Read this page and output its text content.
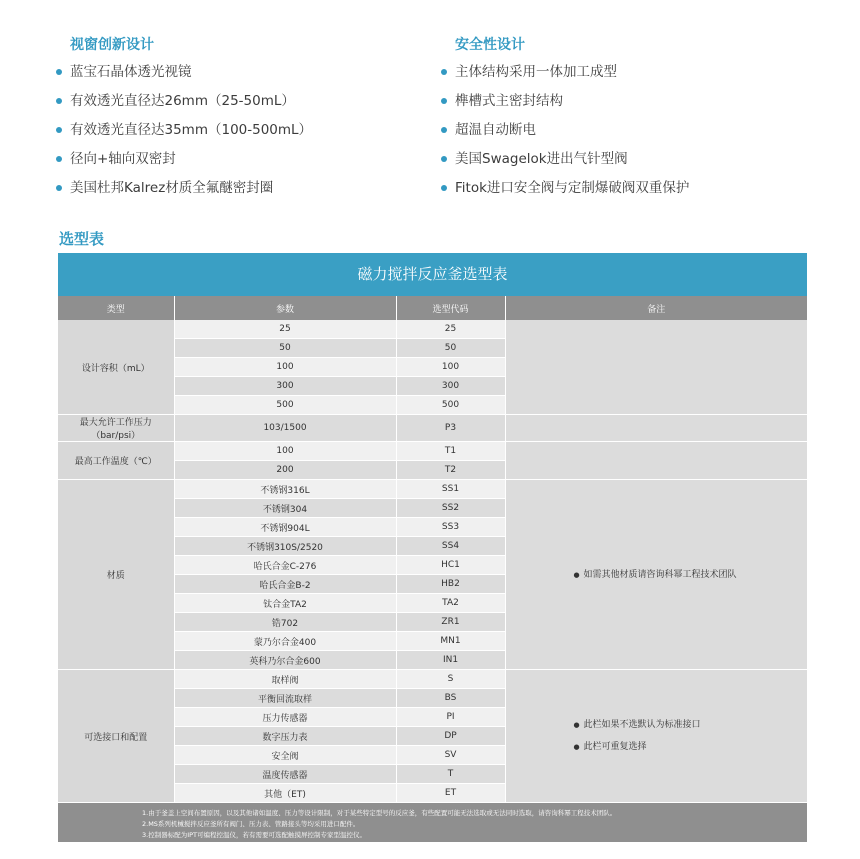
视窗创新设计
蓝宝石晶体透光视镜
有效透光直径达26mm（25-50mL）
有效透光直径达35mm（100-500mL）
径向+轴向双密封
美国杜邦Kalrez材质全氟醚密封圈
安全性设计
主体结构采用一体加工成型
榫槽式主密封结构
超温自动断电
美国Swagelok进出气针型阀
Fitok进口安全阀与定制爆破阀双重保护
选型表
磁力搅拌反应釜选型表
类型	参数	选型代码	备注
设计容积（mL）	25	25	
	50	50	
	100	100	
	300	300	
	500	500	
最大允许工作压力（bar/psi）	103/1500	P3	
最高工作温度（℃）	100	T1	
	200	T2	
材质	不锈钢316L	SS1	● 如需其他材质请咨询科幂工程技术团队

	不锈钢304	SS2	
	不锈钢904L	SS3	
	不锈钢310S/2520	SS4	
	哈氏合金C-276	HC1	
	哈氏合金B-2	HB2	
	钛合金TA2	TA2	
	锆702	ZR1	
	蒙乃尔合金400	MN1	
	英科乃尔合金600	IN1	
可选接口和配置	取样阀	S	● 此栏如果不选默认为标准接口
● 此栏可重复选择

	平衡回流取样	BS	
	压力传感器	PI	
	数字压力表	DP	
	安全阀	SV	
	温度传感器	T	
	其他（ET)	ET	
1.由于釜盖上空间布置原因，以及其他诸如温度、压力等设计限制，对于某些特定型号的反应釜，有些配置可能无法选取或无法同时选取，请咨询科幂工程技术团队。
2.MS系列机械搅拌反应釜所有阀门、压力表、管路接头等均采用进口配件。
3.控制器标配为IPT可编程控温仪，若有需要可选配触摸屏控制专家型温控仪。
